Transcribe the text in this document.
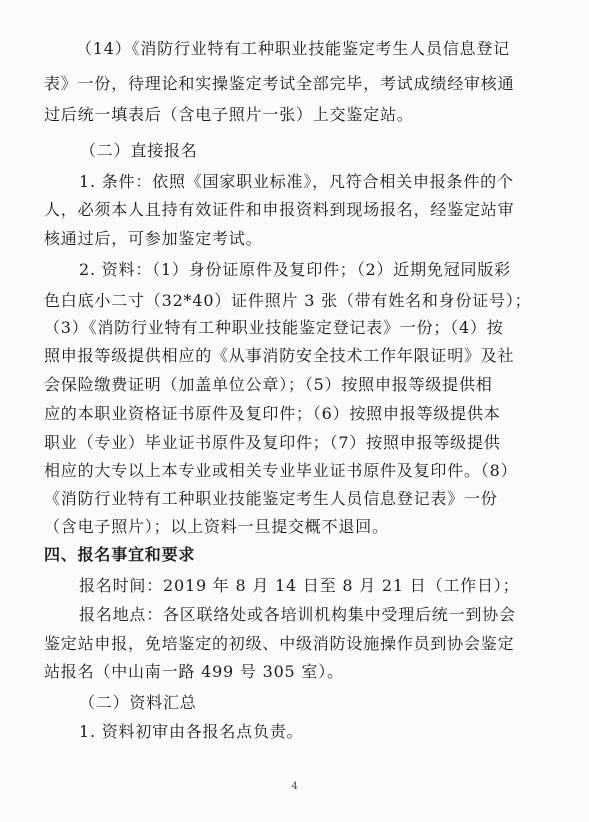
（14）《消防行业特有工种职业技能鉴定考生人员信息登记
表》一份，待理论和实操鉴定考试全部完毕，考试成绩经审核通
过后统一填表后（含电子照片一张）上交鉴定站。
（二）直接报名
1. 条件：依照《国家职业标准》，凡符合相关申报条件的个
人，必须本人且持有效证件和申报资料到现场报名，经鉴定站审
核通过后，可参加鉴定考试。
2. 资料：（1）身份证原件及复印件；（2）近期免冠同版彩
色白底小二寸（32*40）证件照片 3 张（带有姓名和身份证号）；
（3）《消防行业特有工种职业技能鉴定登记表》一份；（4）按
照申报等级提供相应的《从事消防安全技术工作年限证明》及社
会保险缴费证明（加盖单位公章）；（5）按照申报等级提供相
应的本职业资格证书原件及复印件；（6）按照申报等级提供本
职业（专业）毕业证书原件及复印件；（7）按照申报等级提供
相应的大专以上本专业或相关专业毕业证书原件及复印件。（8）
《消防行业特有工种职业技能鉴定考生人员信息登记表》一份
（含电子照片）；以上资料一旦提交概不退回。
四、报名事宜和要求
报名时间：2019 年 8 月 14 日至 8 月 21 日（工作日）；
报名地点：各区联络处或各培训机构集中受理后统一到协会
鉴定站申报，免培鉴定的初级、中级消防设施操作员到协会鉴定
站报名（中山南一路 499 号 305 室）。
（二）资料汇总
1. 资料初审由各报名点负责。
4
